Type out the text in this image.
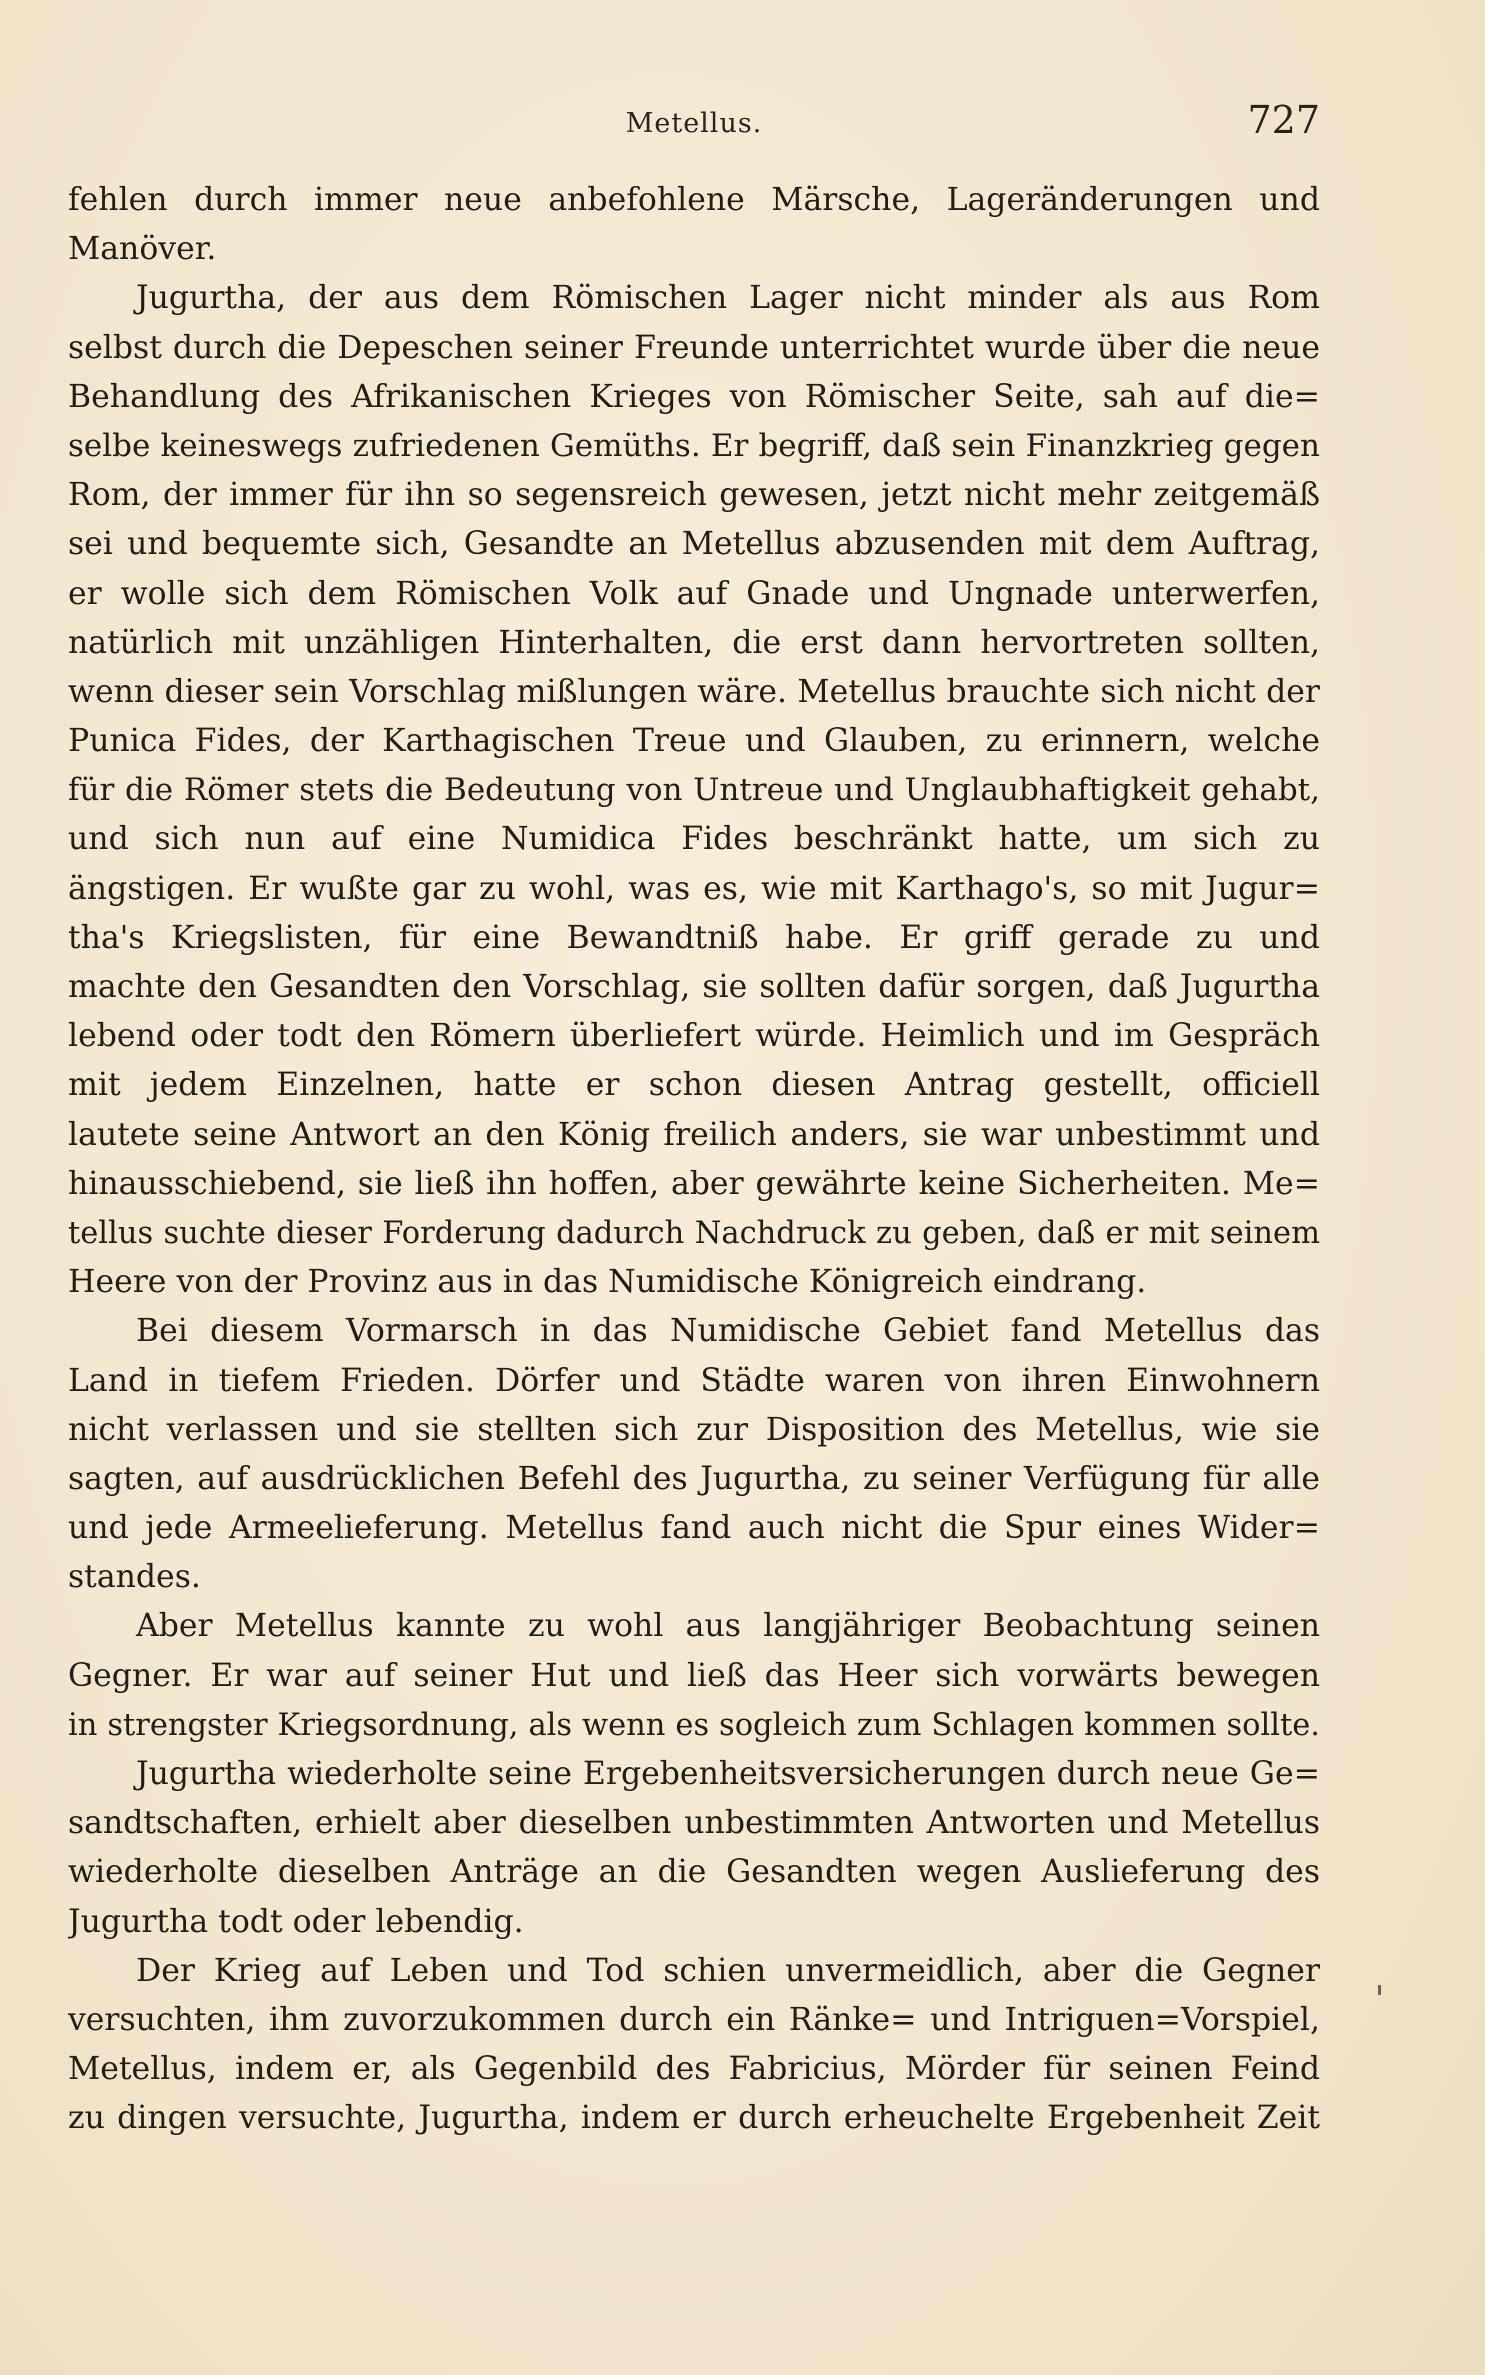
Metellus.	727
fehlen durch immer neue anbefohlene Märsche, Lageränderungen und
Manöver.
Jugurtha, der aus dem Römischen Lager nicht minder als aus Rom
selbst durch die Depeschen seiner Freunde unterrichtet wurde über die neue
Behandlung des Afrikanischen Krieges von Römischer Seite, sah auf die=
selbe keineswegs zufriedenen Gemüths. Er begriff, daß sein Finanzkrieg gegen
Rom, der immer für ihn so segensreich gewesen, jetzt nicht mehr zeitgemäß
sei und bequemte sich, Gesandte an Metellus abzusenden mit dem Auftrag,
er wolle sich dem Römischen Volk auf Gnade und Ungnade unterwerfen,
natürlich mit unzähligen Hinterhalten, die erst dann hervortreten sollten,
wenn dieser sein Vorschlag mißlungen wäre. Metellus brauchte sich nicht der
Punica Fides, der Karthagischen Treue und Glauben, zu erinnern, welche
für die Römer stets die Bedeutung von Untreue und Unglaubhaftigkeit gehabt,
und sich nun auf eine Numidica Fides beschränkt hatte, um sich zu
ängstigen. Er wußte gar zu wohl, was es, wie mit Karthago's, so mit Jugur=
tha's Kriegslisten, für eine Bewandtniß habe. Er griff gerade zu und
machte den Gesandten den Vorschlag, sie sollten dafür sorgen, daß Jugurtha
lebend oder todt den Römern überliefert würde. Heimlich und im Gespräch
mit jedem Einzelnen, hatte er schon diesen Antrag gestellt, officiell
lautete seine Antwort an den König freilich anders, sie war unbestimmt und
hinausschiebend, sie ließ ihn hoffen, aber gewährte keine Sicherheiten. Me=
tellus suchte dieser Forderung dadurch Nachdruck zu geben, daß er mit seinem
Heere von der Provinz aus in das Numidische Königreich eindrang.
Bei diesem Vormarsch in das Numidische Gebiet fand Metellus das
Land in tiefem Frieden. Dörfer und Städte waren von ihren Einwohnern
nicht verlassen und sie stellten sich zur Disposition des Metellus, wie sie
sagten, auf ausdrücklichen Befehl des Jugurtha, zu seiner Verfügung für alle
und jede Armeelieferung. Metellus fand auch nicht die Spur eines Wider=
standes.
Aber Metellus kannte zu wohl aus langjähriger Beobachtung seinen
Gegner. Er war auf seiner Hut und ließ das Heer sich vorwärts bewegen
in strengster Kriegsordnung, als wenn es sogleich zum Schlagen kommen sollte.
Jugurtha wiederholte seine Ergebenheitsversicherungen durch neue Ge=
sandtschaften, erhielt aber dieselben unbestimmten Antworten und Metellus
wiederholte dieselben Anträge an die Gesandten wegen Auslieferung des
Jugurtha todt oder lebendig.
Der Krieg auf Leben und Tod schien unvermeidlich, aber die Gegner
versuchten, ihm zuvorzukommen durch ein Ränke= und Intriguen=Vorspiel,
Metellus, indem er, als Gegenbild des Fabricius, Mörder für seinen Feind
zu dingen versuchte, Jugurtha, indem er durch erheuchelte Ergebenheit Zeit
